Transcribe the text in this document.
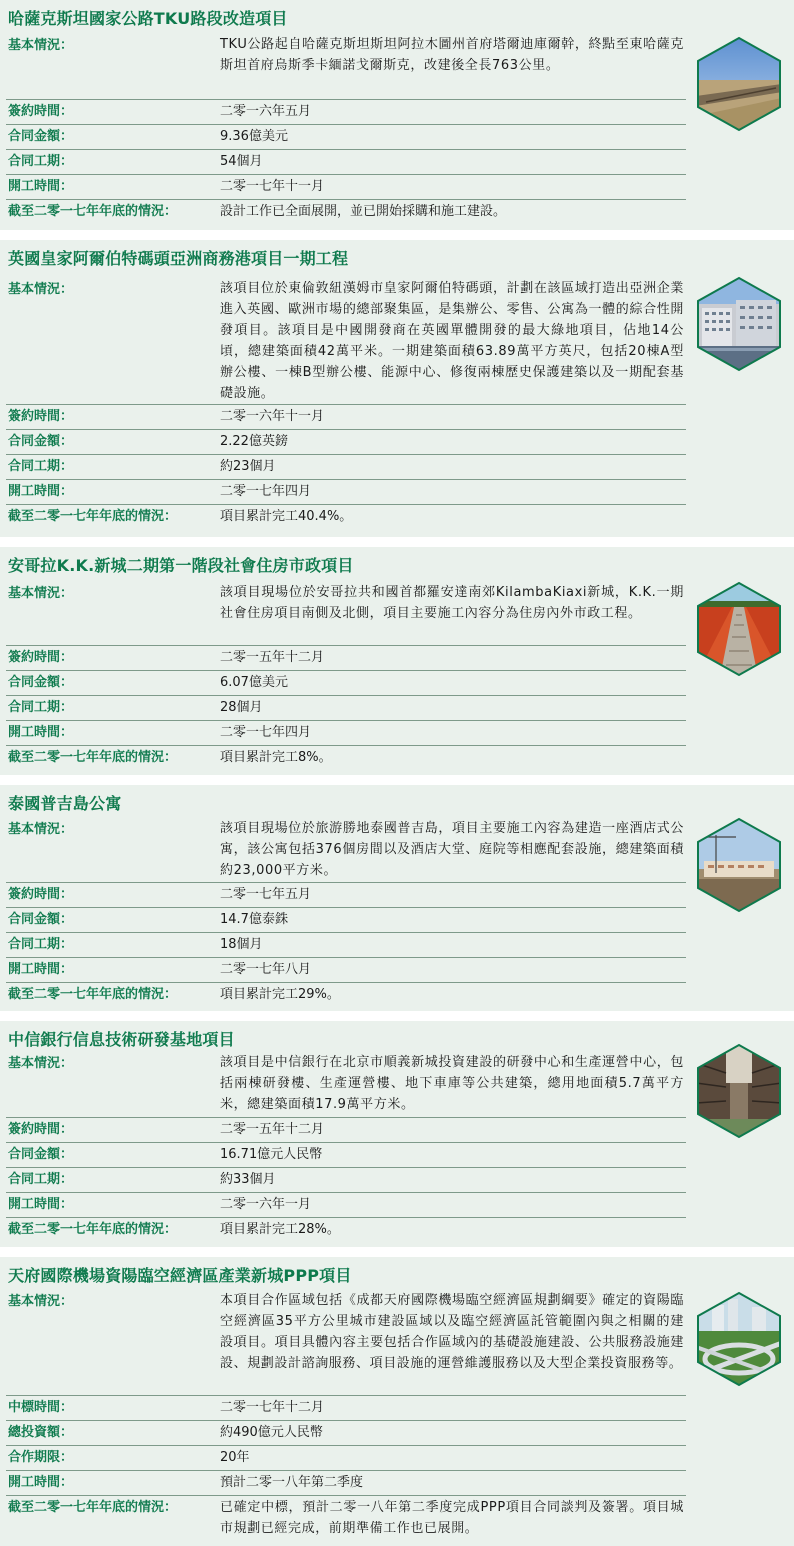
哈薩克斯坦國家公路TKU路段改造項目
基本情況：	TKU公路起自哈薩克斯坦斯坦阿拉木圖州首府塔爾迪庫爾幹，終點至東哈薩克斯坦首府烏斯季卡緬諾戈爾斯克，改建後全長763公里。
簽約時間：	二零一六年五月
合同金額：	9.36億美元
合同工期：	54個月
開工時間：	二零一七年十一月
截至二零一七年年底的情況：	設計工作已全面展開，並已開始採購和施工建設。
英國皇家阿爾伯特碼頭亞洲商務港項目一期工程
基本情況：	該項目位於東倫敦紐漢姆市皇家阿爾伯特碼頭，計劃在該區域打造出亞洲企業進入英國、歐洲市場的總部聚集區，是集辦公、零售、公寓為一體的綜合性開發項目。該項目是中國開發商在英國單體開發的最大綠地項目，佔地14公頃，總建築面積42萬平米。一期建築面積63.89萬平方英尺，包括20棟A型辦公樓、一棟B型辦公樓、能源中心、修復兩棟歷史保護建築以及一期配套基礎設施。
簽約時間：	二零一六年十一月
合同金額：	2.22億英鎊
合同工期：	約23個月
開工時間：	二零一七年四月
截至二零一七年年底的情況：	項目累計完工40.4%。
安哥拉K.K.新城二期第一階段社會住房市政項目
基本情況：	該項目現場位於安哥拉共和國首都羅安達南郊KilambaKiaxi新城，K.K.一期社會住房項目南側及北側，項目主要施工內容分為住房內外市政工程。
簽約時間：	二零一五年十二月
合同金額：	6.07億美元
合同工期：	28個月
開工時間：	二零一七年四月
截至二零一七年年底的情況：	項目累計完工8%。
泰國普吉島公寓
基本情況：	該項目現場位於旅游勝地泰國普吉島，項目主要施工內容為建造一座酒店式公寓，該公寓包括376個房間以及酒店大堂、庭院等相應配套設施，總建築面積約23,000平方米。
簽約時間：	二零一七年五月
合同金額：	14.7億泰銖
合同工期：	18個月
開工時間：	二零一七年八月
截至二零一七年年底的情況：	項目累計完工29%。
中信銀行信息技術研發基地項目
基本情況：	該項目是中信銀行在北京市順義新城投資建設的研發中心和生產運營中心，包括兩棟研發樓、生產運營樓、地下車庫等公共建築，總用地面積5.7萬平方米，總建築面積17.9萬平方米。
簽約時間：	二零一五年十二月
合同金額：	16.71億元人民幣
合同工期：	約33個月
開工時間：	二零一六年一月
截至二零一七年年底的情況：	項目累計完工28%。
天府國際機場資陽臨空經濟區產業新城PPP項目
基本情況：	本項目合作區域包括《成都天府國際機場臨空經濟區規劃綱要》確定的資陽臨空經濟區35平方公里城市建設區域以及臨空經濟區託管範圍內與之相關的建設項目。項目具體內容主要包括合作區域內的基礎設施建設、公共服務設施建設、規劃設計諮詢服務、項目設施的運營維護服務以及大型企業投資服務等。
中標時間：	二零一七年十二月
總投資額：	約490億元人民幣
合作期限：	20年
開工時間：	預計二零一八年第二季度
截至二零一七年年底的情況：	已確定中標，預計二零一八年第二季度完成PPP項目合同談判及簽署。項目城市規劃已經完成，前期準備工作也已展開。
